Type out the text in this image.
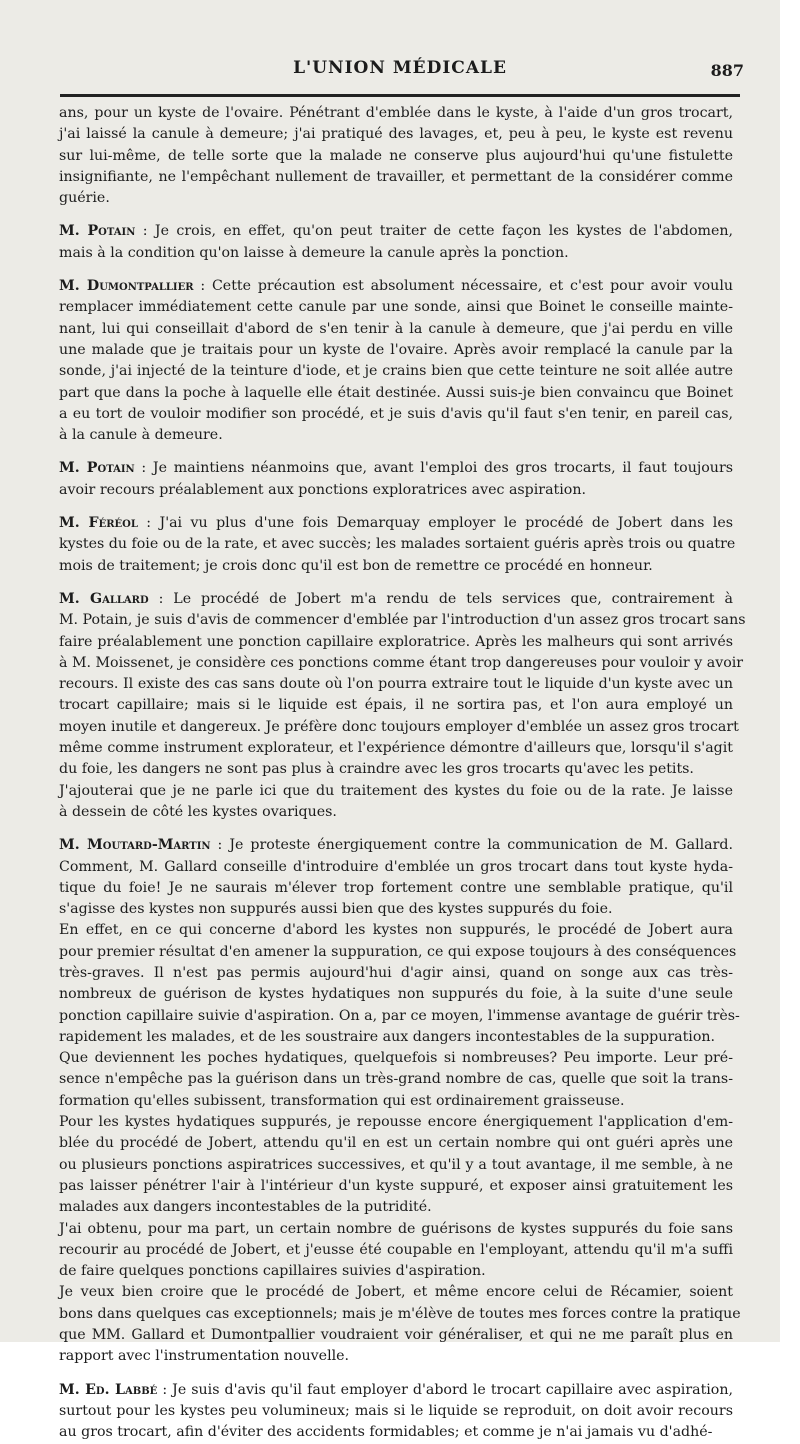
L'UNION MÉDICALE	887
ans, pour un kyste de l'ovaire. Pénétrant d'emblée dans le kyste, à l'aide d'un gros trocart,
j'ai laissé la canule à demeure; j'ai pratiqué des lavages, et, peu à peu, le kyste est revenu
sur lui-même, de telle sorte que la malade ne conserve plus aujourd'hui qu'une fistulette
insignifiante, ne l'empêchant nullement de travailler, et permettant de la considérer comme
guérie.
M. Potain : Je crois, en effet, qu'on peut traiter de cette façon les kystes de l'abdomen,
mais à la condition qu'on laisse à demeure la canule après la ponction.
M. Dumontpallier : Cette précaution est absolument nécessaire, et c'est pour avoir voulu
remplacer immédiatement cette canule par une sonde, ainsi que Boinet le conseille mainte-
nant, lui qui conseillait d'abord de s'en tenir à la canule à demeure, que j'ai perdu en ville
une malade que je traitais pour un kyste de l'ovaire. Après avoir remplacé la canule par la
sonde, j'ai injecté de la teinture d'iode, et je crains bien que cette teinture ne soit allée autre
part que dans la poche à laquelle elle était destinée. Aussi suis-je bien convaincu que Boinet
a eu tort de vouloir modifier son procédé, et je suis d'avis qu'il faut s'en tenir, en pareil cas,
à la canule à demeure.
M. Potain : Je maintiens néanmoins que, avant l'emploi des gros trocarts, il faut toujours
avoir recours préalablement aux ponctions exploratrices avec aspiration.
M. Féréol : J'ai vu plus d'une fois Demarquay employer le procédé de Jobert dans les
kystes du foie ou de la rate, et avec succès; les malades sortaient guéris après trois ou quatre
mois de traitement; je crois donc qu'il est bon de remettre ce procédé en honneur.
M. Gallard : Le procédé de Jobert m'a rendu de tels services que, contrairement à
M. Potain, je suis d'avis de commencer d'emblée par l'introduction d'un assez gros trocart sans
faire préalablement une ponction capillaire exploratrice. Après les malheurs qui sont arrivés
à M. Moissenet, je considère ces ponctions comme étant trop dangereuses pour vouloir y avoir
recours. Il existe des cas sans doute où l'on pourra extraire tout le liquide d'un kyste avec un
trocart capillaire; mais si le liquide est épais, il ne sortira pas, et l'on aura employé un
moyen inutile et dangereux. Je préfère donc toujours employer d'emblée un assez gros trocart
même comme instrument explorateur, et l'expérience démontre d'ailleurs que, lorsqu'il s'agit
du foie, les dangers ne sont pas plus à craindre avec les gros trocarts qu'avec les petits.
J'ajouterai que je ne parle ici que du traitement des kystes du foie ou de la rate. Je laisse
à dessein de côté les kystes ovariques.
M. Moutard-Martin : Je proteste énergiquement contre la communication de M. Gallard.
Comment, M. Gallard conseille d'introduire d'emblée un gros trocart dans tout kyste hyda-
tique du foie! Je ne saurais m'élever trop fortement contre une semblable pratique, qu'il
s'agisse des kystes non suppurés aussi bien que des kystes suppurés du foie.
En effet, en ce qui concerne d'abord les kystes non suppurés, le procédé de Jobert aura
pour premier résultat d'en amener la suppuration, ce qui expose toujours à des conséquences
très-graves. Il n'est pas permis aujourd'hui d'agir ainsi, quand on songe aux cas très-
nombreux de guérison de kystes hydatiques non suppurés du foie, à la suite d'une seule
ponction capillaire suivie d'aspiration. On a, par ce moyen, l'immense avantage de guérir très-
rapidement les malades, et de les soustraire aux dangers incontestables de la suppuration.
Que deviennent les poches hydatiques, quelquefois si nombreuses? Peu importe. Leur pré-
sence n'empêche pas la guérison dans un très-grand nombre de cas, quelle que soit la trans-
formation qu'elles subissent, transformation qui est ordinairement graisseuse.
Pour les kystes hydatiques suppurés, je repousse encore énergiquement l'application d'em-
blée du procédé de Jobert, attendu qu'il en est un certain nombre qui ont guéri après une
ou plusieurs ponctions aspiratrices successives, et qu'il y a tout avantage, il me semble, à ne
pas laisser pénétrer l'air à l'intérieur d'un kyste suppuré, et exposer ainsi gratuitement les
malades aux dangers incontestables de la putridité.
J'ai obtenu, pour ma part, un certain nombre de guérisons de kystes suppurés du foie sans
recourir au procédé de Jobert, et j'eusse été coupable en l'employant, attendu qu'il m'a suffi
de faire quelques ponctions capillaires suivies d'aspiration.
Je veux bien croire que le procédé de Jobert, et même encore celui de Récamier, soient
bons dans quelques cas exceptionnels; mais je m'élève de toutes mes forces contre la pratique
que MM. Gallard et Dumontpallier voudraient voir généraliser, et qui ne me paraît plus en
rapport avec l'instrumentation nouvelle.
M. Ed. Labbé : Je suis d'avis qu'il faut employer d'abord le trocart capillaire avec aspiration,
surtout pour les kystes peu volumineux; mais si le liquide se reproduit, on doit avoir recours
au gros trocart, afin d'éviter des accidents formidables; et comme je n'ai jamais vu d'adhé-
